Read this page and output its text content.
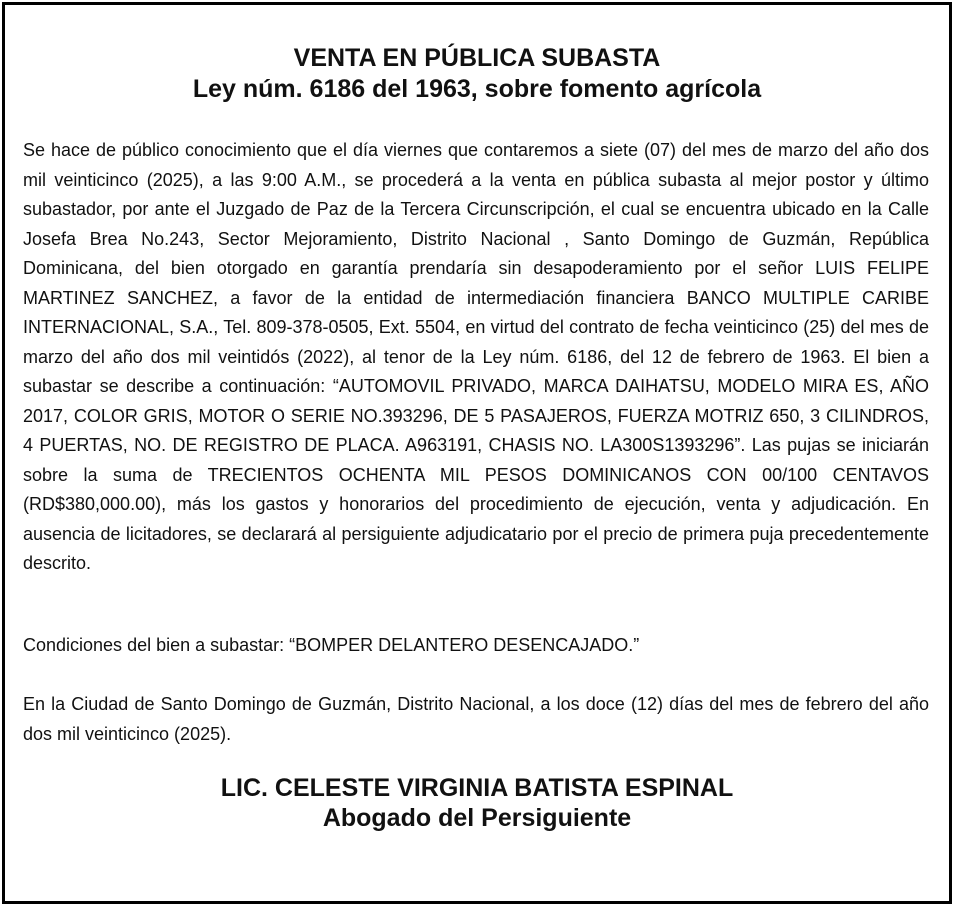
VENTA EN PÚBLICA SUBASTA

Ley núm. 6186 del 1963, sobre fomento agrícola

Se hace de público conocimiento que el día viernes que contaremos a siete (07) del mes de marzo del año dos mil veinticinco (2025), a las 9:00 A.M., se procederá a la venta en pública subasta al mejor postor y último subastador, por ante el Juzgado de Paz de la Tercera Circunscripción, el cual se encuentra ubicado en la Calle Josefa Brea No.243, Sector Mejoramiento, Distrito Nacional , Santo Domingo de Guzmán, República Dominicana, del bien otorgado en garantía prendaría sin desapoderamiento por el señor LUIS FELIPE MARTINEZ SANCHEZ, a favor de la entidad de intermediación financiera BANCO MULTIPLE CARIBE INTERNACIONAL, S.A., Tel. 809-378-0505, Ext. 5504, en virtud del contrato de fecha veinticinco (25) del mes de marzo del año dos mil veintidós (2022), al tenor de la Ley núm. 6186, del 12 de febrero de 1963. El bien a subastar se describe a continuación: “AUTOMOVIL PRIVADO, MARCA DAIHATSU, MODELO MIRA ES, AÑO 2017, COLOR GRIS, MOTOR O SERIE NO.393296, DE 5 PASAJEROS, FUERZA MOTRIZ 650, 3 CILINDROS, 4 PUERTAS, NO. DE REGISTRO DE PLACA. A963191, CHASIS NO. LA300S1393296”. Las pujas se iniciarán sobre la suma de TRECIENTOS OCHENTA MIL PESOS DOMINICANOS CON 00/100 CENTAVOS (RD$380,000.00), más los gastos y honorarios del procedimiento de ejecución, venta y adjudicación. En ausencia de licitadores, se declarará al persiguiente adjudicatario por el precio de primera puja precedentemente descrito.

Condiciones del bien a subastar: “BOMPER DELANTERO DESENCAJADO.”

En la Ciudad de Santo Domingo de Guzmán, Distrito Nacional, a los doce (12) días del mes de febrero del año dos mil veinticinco (2025).

LIC. CELESTE VIRGINIA BATISTA ESPINAL

Abogado del Persiguiente
